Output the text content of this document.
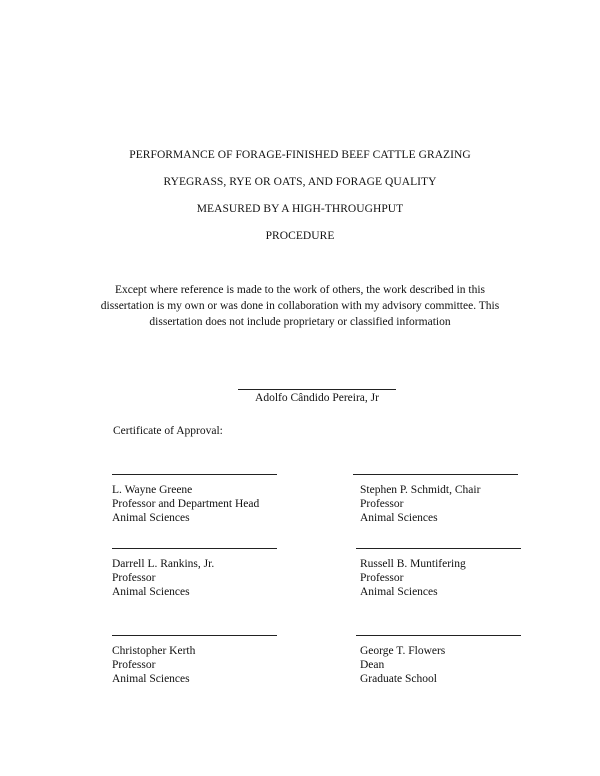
PERFORMANCE OF FORAGE-FINISHED BEEF CATTLE GRAZING
RYEGRASS, RYE OR OATS, AND FORAGE QUALITY
MEASURED BY A HIGH-THROUGHPUT
PROCEDURE
Except where reference is made to the work of others, the work described in this dissertation is my own or was done in collaboration with my advisory committee. This dissertation does not include proprietary or classified information
Adolfo Cândido Pereira, Jr
Certificate of Approval:
L. Wayne Greene
Professor and Department Head
Animal Sciences
Stephen P. Schmidt, Chair
Professor
Animal Sciences
Darrell L. Rankins, Jr.
Professor
Animal Sciences
Russell B. Muntifering
Professor
Animal Sciences
Christopher Kerth
Professor
Animal Sciences
George T. Flowers
Dean
Graduate School
